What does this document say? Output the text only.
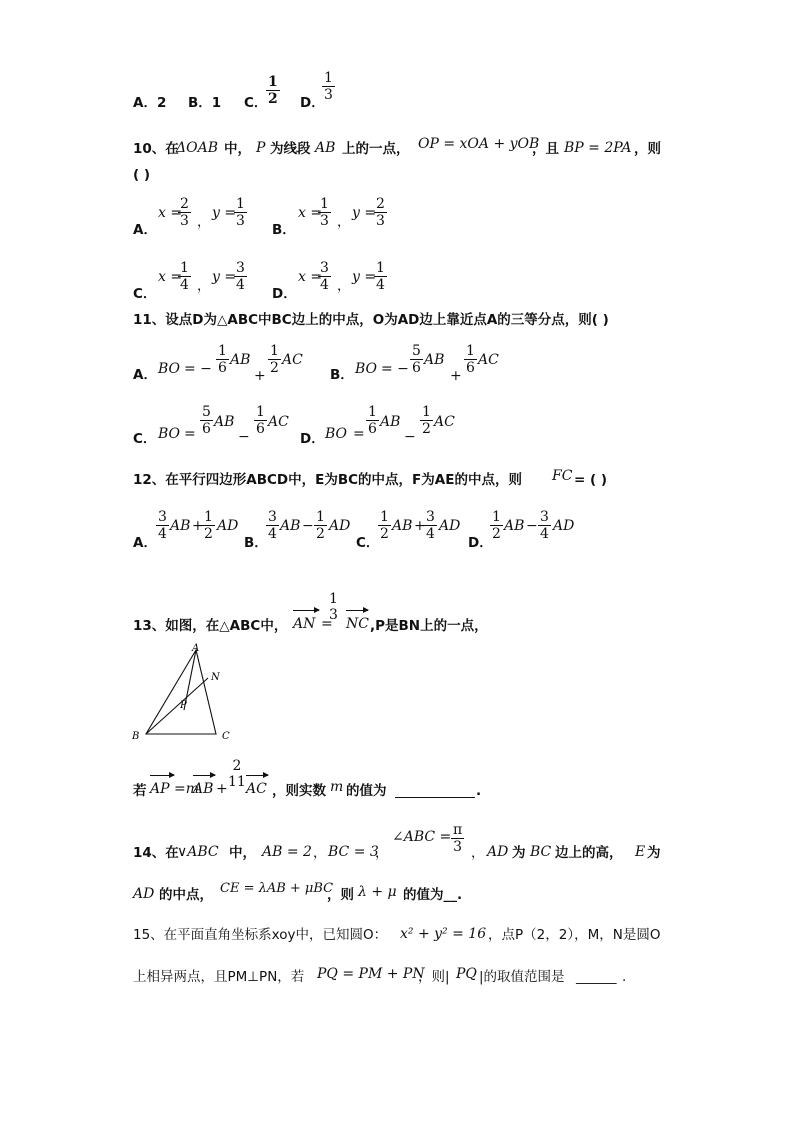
A．2 B．1 C．
$\frac{1}{2}$ D．
$\frac{1}{3}$
10、在
ΔOAB 中， P 为线段 AB 上的一点， OP = xOA + yOB
，且 BP = 2PA ，则
( )
A．
x =
$\frac{2}{3}$ ，
y =
$\frac{1}{3}$
B．
x =
$\frac{1}{3}$ ，
y =
$\frac{2}{3}$
C．
x =
$\frac{1}{4}$ ，
y =
$\frac{3}{4}$
D．
x =
$\frac{3}{4}$ ，
y =
$\frac{1}{4}$
11、设点D为△ABC中BC边上的中点，O为AD边上靠近点A的三等分点，则( )
A． BO = − $\frac{1}{6}$ AB
+ $\frac{1}{2}$ AC
B． BO = − $\frac{5}{6}$ AB
+ $\frac{1}{6}$ AC
C． BO = $\frac{5}{6}$ AB
− $\frac{1}{6}$ AC
D． BO = $\frac{1}{6}$ AB
− $\frac{1}{2}$ AC
12、在平行四边形ABCD中，E为BC的中点，F为AE的中点，则 FC = ( )
A．
$\frac{3}{4}$ AB +
$\frac{1}{2}$ AD
B．
$\frac{3}{4}$ AB − $\frac{1}{2}$ AD
C．
$\frac{1}{2}$ AB +
$\frac{3}{4}$ AD
D．
$\frac{1}{2}$ AB − $\frac{3}{4}$ AD
13、如图，在△ABC中， AN =
1
3
NC ,P是BN上的一点，
A
N
P
B	C
若 AP =m
AB +
2
11 AC ，则实数 m 的值为	.
14、在
∨ABC 中， AB = 2 ， BC = 3
，
∠ABC = $\frac{\pi}{3}$ ， AD 为 BC 边上的高， E 为
AD 的中点， CE = λAB + μBC
，则 λ + μ 的值为__.
15、在平面直角坐标系xoy中，已知圆O： x² + y² = 16 ，点P（2，2），M，N是圆O
上相异两点，且PM⊥PN，若 PQ = PM + PN
，则| PQ |的取值范围是 ______ .
